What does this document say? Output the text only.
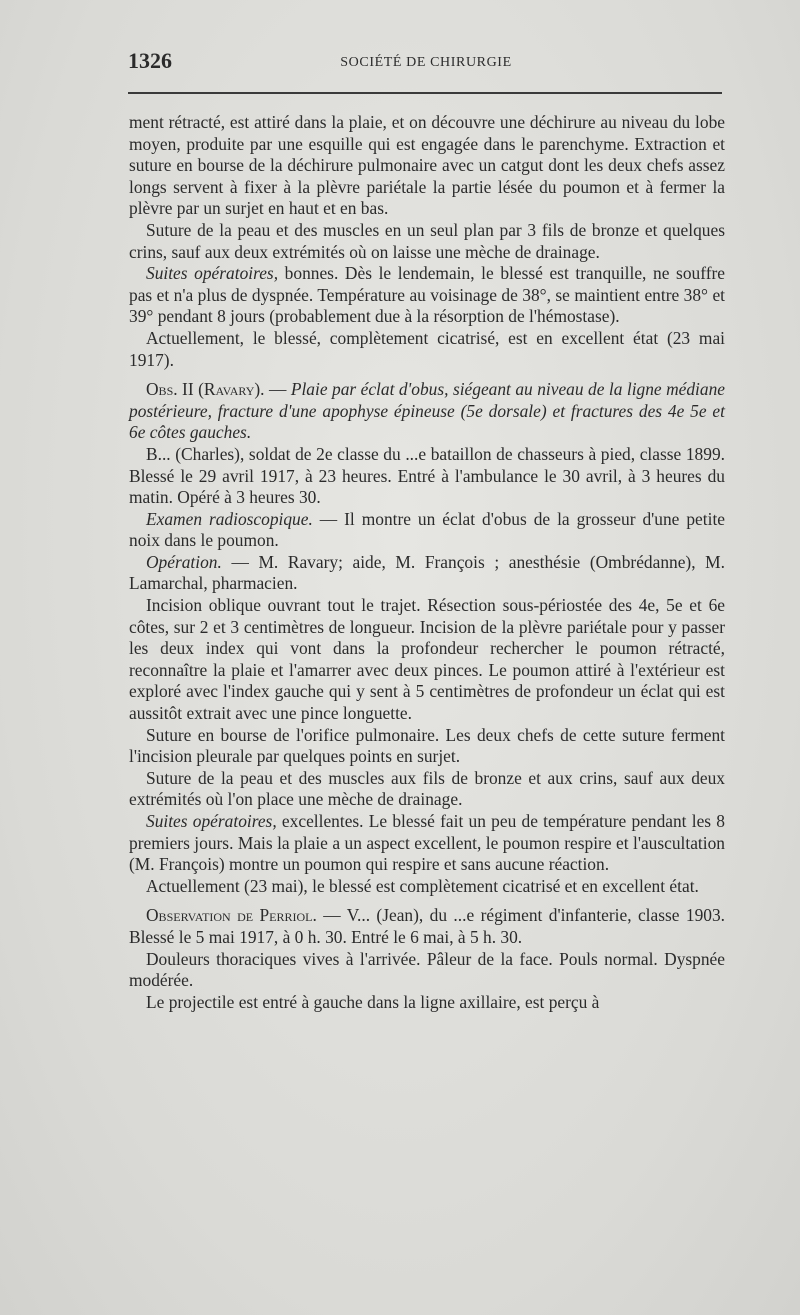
1326	SOCIÉTÉ DE CHIRURGIE

ment rétracté, est attiré dans la plaie, et on découvre une déchirure au niveau du lobe moyen, produite par une esquille qui est engagée dans le parenchyme. Extraction et suture en bourse de la déchirure pulmonaire avec un catgut dont les deux chefs assez longs servent à fixer à la plèvre pariétale la partie lésée du poumon et à fermer la plèvre par un surjet en haut et en bas.

Suture de la peau et des muscles en un seul plan par 3 fils de bronze et quelques crins, sauf aux deux extrémités où on laisse une mèche de drainage.

Suites opératoires, bonnes. Dès le lendemain, le blessé est tranquille, ne souffre pas et n'a plus de dyspnée. Température au voisinage de 38°, se maintient entre 38° et 39° pendant 8 jours (probablement due à la résorption de l'hémostase).

Actuellement, le blessé, complètement cicatrisé, est en excellent état (23 mai 1917).

Obs. II (Ravary). — Plaie par éclat d'obus, siégeant au niveau de la ligne médiane postérieure, fracture d'une apophyse épineuse (5e dorsale) et fractures des 4e 5e et 6e côtes gauches.

B... (Charles), soldat de 2e classe du ...e bataillon de chasseurs à pied, classe 1899. Blessé le 29 avril 1917, à 23 heures. Entré à l'ambulance le 30 avril, à 3 heures du matin. Opéré à 3 heures 30.

Examen radioscopique. — Il montre un éclat d'obus de la grosseur d'une petite noix dans le poumon.

Opération. — M. Ravary; aide, M. François ; anesthésie (Ombrédanne), M. Lamarchal, pharmacien.

Incision oblique ouvrant tout le trajet. Résection sous-périostée des 4e, 5e et 6e côtes, sur 2 et 3 centimètres de longueur. Incision de la plèvre pariétale pour y passer les deux index qui vont dans la profondeur rechercher le poumon rétracté, reconnaître la plaie et l'amarrer avec deux pinces. Le poumon attiré à l'extérieur est exploré avec l'index gauche qui y sent à 5 centimètres de profondeur un éclat qui est aussitôt extrait avec une pince longuette.

Suture en bourse de l'orifice pulmonaire. Les deux chefs de cette suture ferment l'incision pleurale par quelques points en surjet.

Suture de la peau et des muscles aux fils de bronze et aux crins, sauf aux deux extrémités où l'on place une mèche de drainage.

Suites opératoires, excellentes. Le blessé fait un peu de température pendant les 8 premiers jours. Mais la plaie a un aspect excellent, le poumon respire et l'auscultation (M. François) montre un poumon qui respire et sans aucune réaction.

Actuellement (23 mai), le blessé est complètement cicatrisé et en excellent état.

Observation de Perriol. — V... (Jean), du ...e régiment d'infanterie, classe 1903. Blessé le 5 mai 1917, à 0 h. 30. Entré le 6 mai, à 5 h. 30.

Douleurs thoraciques vives à l'arrivée. Pâleur de la face. Pouls normal. Dyspnée modérée.

Le projectile est entré à gauche dans la ligne axillaire, est perçu à
